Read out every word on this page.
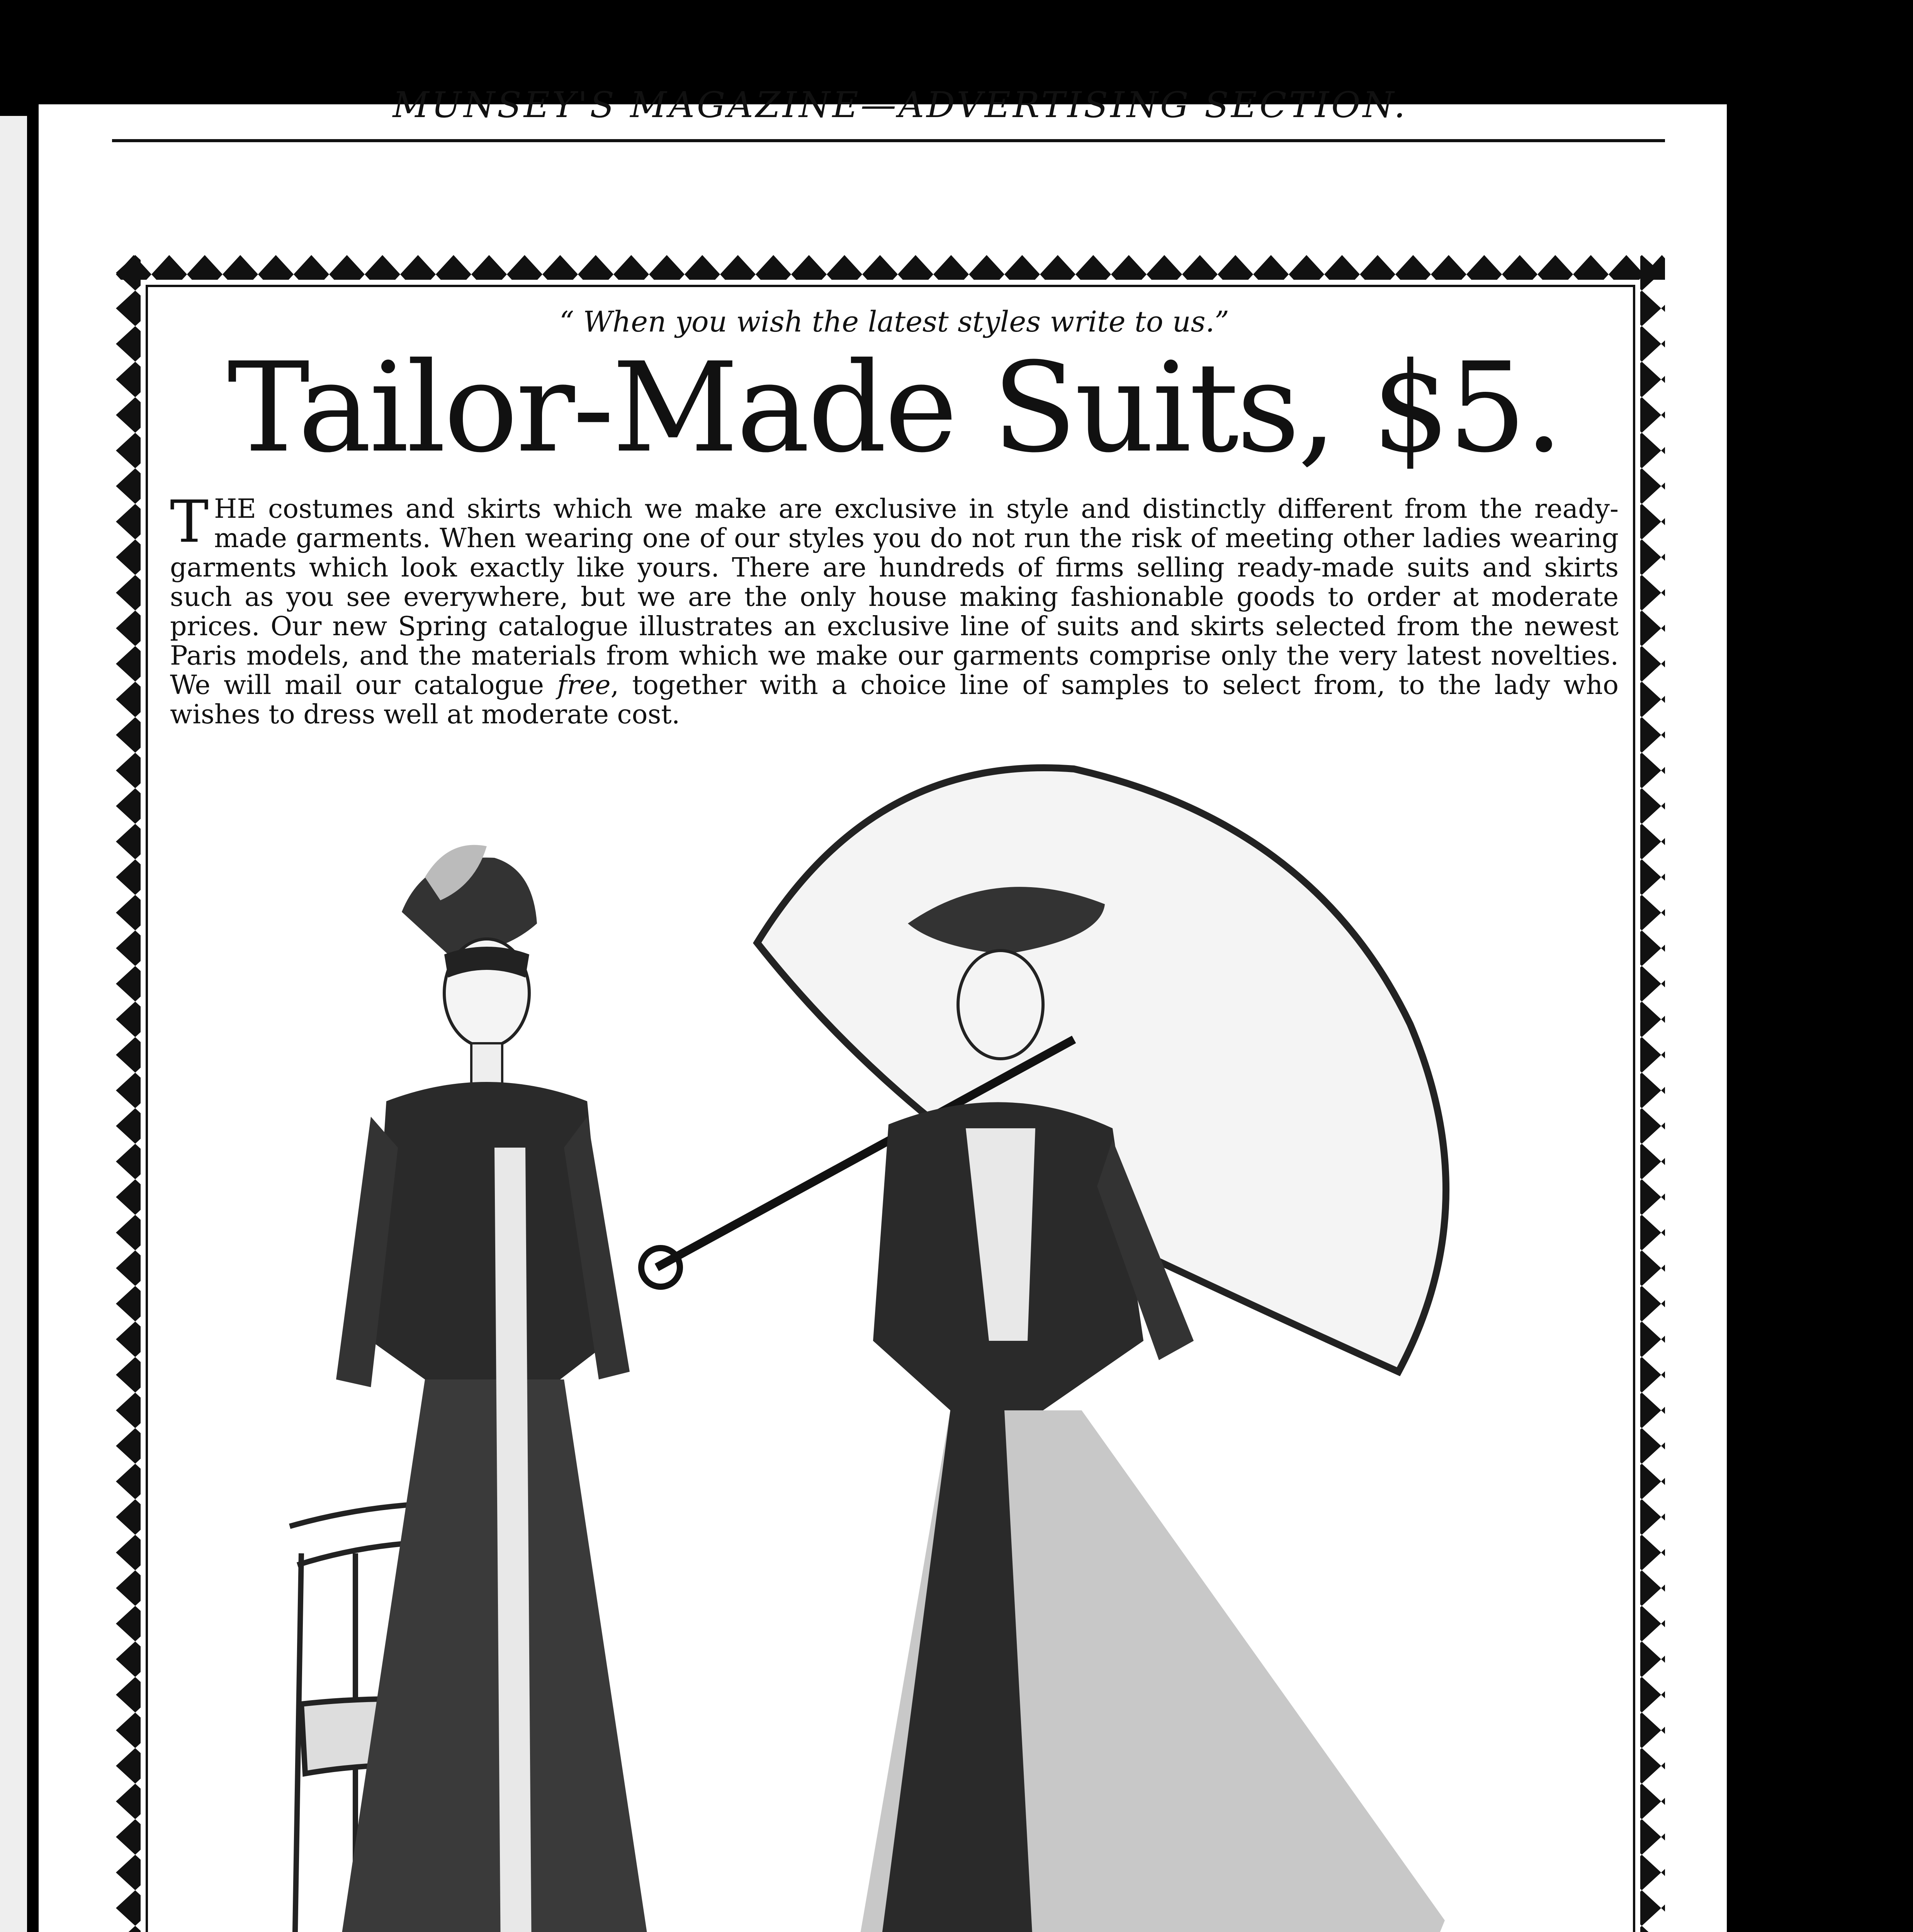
MUNSEY'S MAGAZINE—ADVERTISING SECTION.
“ When you wish the latest styles write to us.”
Tailor-Made Suits, $5.
THE costumes and skirts which we make are exclusive in style and distinctly different from the ready-made garments. When wearing one of our styles you do not run the risk of meeting other ladies wearing garments which look exactly like yours. There are hundreds of firms selling ready-made suits and skirts such as you see everywhere, but we are the only house making fashionable goods to order at moderate prices. Our new Spring catalogue illustrates an exclusive line of suits and skirts selected from the newest Paris models, and the materials from which we make our garments comprise only the very latest novelties. We will mail our catalogue free, together with a choice line of samples to select from, to the lady who wishes to dress well at moderate cost.
